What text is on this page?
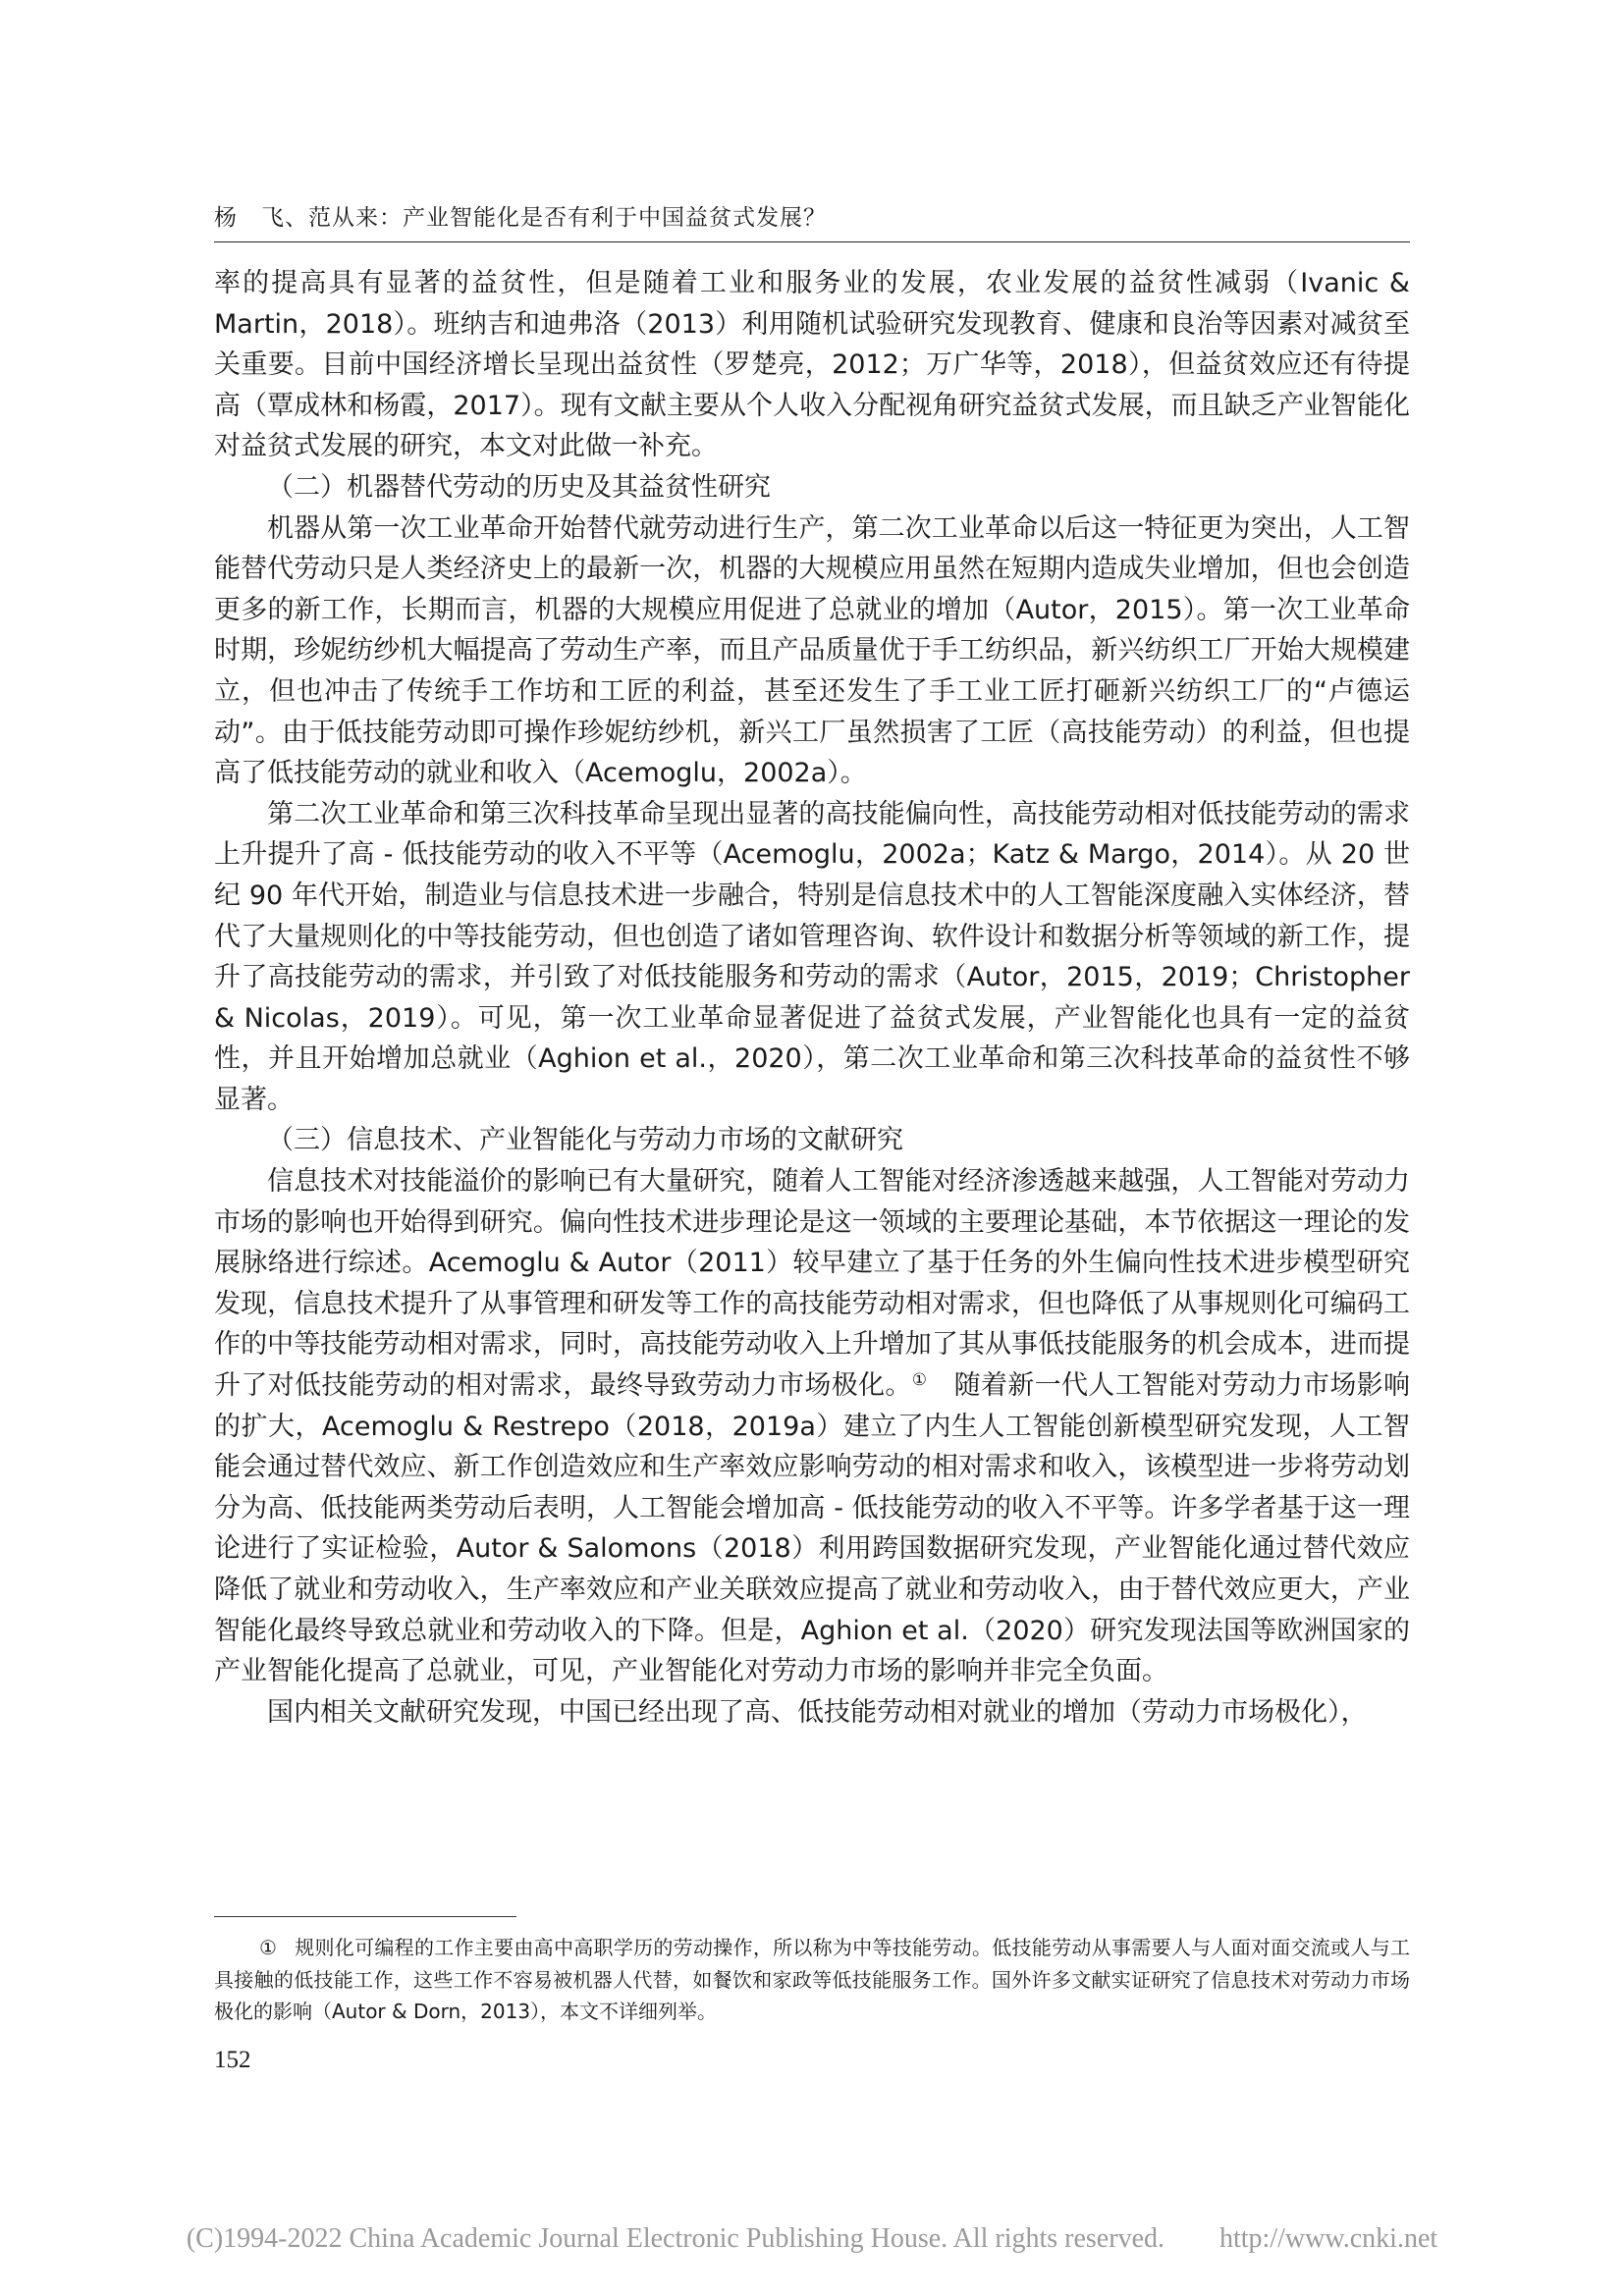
杨　飞、范从来：产业智能化是否有利于中国益贫式发展？

率的提高具有显著的益贫性，但是随着工业和服务业的发展，农业发展的益贫性减弱（Ivanic & Martin，2018）。班纳吉和迪弗洛（2013）利用随机试验研究发现教育、健康和良治等因素对减贫至关重要。目前中国经济增长呈现出益贫性（罗楚亮，2012；万广华等，2018），但益贫效应还有待提高（覃成林和杨霞，2017）。现有文献主要从个人收入分配视角研究益贫式发展，而且缺乏产业智能化对益贫式发展的研究，本文对此做一补充。

（二）机器替代劳动的历史及其益贫性研究

机器从第一次工业革命开始替代就劳动进行生产，第二次工业革命以后这一特征更为突出，人工智能替代劳动只是人类经济史上的最新一次，机器的大规模应用虽然在短期内造成失业增加，但也会创造更多的新工作，长期而言，机器的大规模应用促进了总就业的增加（Autor，2015）。第一次工业革命时期，珍妮纺纱机大幅提高了劳动生产率，而且产品质量优于手工纺织品，新兴纺织工厂开始大规模建立，但也冲击了传统手工作坊和工匠的利益，甚至还发生了手工业工匠打砸新兴纺织工厂的“卢德运动”。由于低技能劳动即可操作珍妮纺纱机，新兴工厂虽然损害了工匠（高技能劳动）的利益，但也提高了低技能劳动的就业和收入（Acemoglu，2002a）。

第二次工业革命和第三次科技革命呈现出显著的高技能偏向性，高技能劳动相对低技能劳动的需求上升提升了高 - 低技能劳动的收入不平等（Acemoglu，2002a；Katz & Margo，2014）。从 20 世纪 90 年代开始，制造业与信息技术进一步融合，特别是信息技术中的人工智能深度融入实体经济，替代了大量规则化的中等技能劳动，但也创造了诸如管理咨询、软件设计和数据分析等领域的新工作，提升了高技能劳动的需求，并引致了对低技能服务和劳动的需求（Autor，2015，2019；Christopher & Nicolas，2019）。可见，第一次工业革命显著促进了益贫式发展，产业智能化也具有一定的益贫性，并且开始增加总就业（Aghion et al.，2020），第二次工业革命和第三次科技革命的益贫性不够显著。

（三）信息技术、产业智能化与劳动力市场的文献研究

信息技术对技能溢价的影响已有大量研究，随着人工智能对经济渗透越来越强，人工智能对劳动力市场的影响也开始得到研究。偏向性技术进步理论是这一领域的主要理论基础，本节依据这一理论的发展脉络进行综述。Acemoglu & Autor（2011）较早建立了基于任务的外生偏向性技术进步模型研究发现，信息技术提升了从事管理和研发等工作的高技能劳动相对需求，但也降低了从事规则化可编码工作的中等技能劳动相对需求，同时，高技能劳动收入上升增加了其从事低技能服务的机会成本，进而提升了对低技能劳动的相对需求，最终导致劳动力市场极化。①　随着新一代人工智能对劳动力市场影响的扩大，Acemoglu & Restrepo（2018，2019a）建立了内生人工智能创新模型研究发现，人工智能会通过替代效应、新工作创造效应和生产率效应影响劳动的相对需求和收入，该模型进一步将劳动划分为高、低技能两类劳动后表明，人工智能会增加高 - 低技能劳动的收入不平等。许多学者基于这一理论进行了实证检验，Autor & Salomons（2018）利用跨国数据研究发现，产业智能化通过替代效应降低了就业和劳动收入，生产率效应和产业关联效应提高了就业和劳动收入，由于替代效应更大，产业智能化最终导致总就业和劳动收入的下降。但是，Aghion et al.（2020）研究发现法国等欧洲国家的产业智能化提高了总就业，可见，产业智能化对劳动力市场的影响并非完全负面。

国内相关文献研究发现，中国已经出现了高、低技能劳动相对就业的增加（劳动力市场极化），

① 规则化可编程的工作主要由高中高职学历的劳动操作，所以称为中等技能劳动。低技能劳动从事需要人与人面对面交流或人与工具接触的低技能工作，这些工作不容易被机器人代替，如餐饮和家政等低技能服务工作。国外许多文献实证研究了信息技术对劳动力市场极化的影响（Autor & Dorn，2013），本文不详细列举。
152
(C)1994-2022 China Academic Journal Electronic Publishing House. All rights reserved.　　http://www.cnki.net
